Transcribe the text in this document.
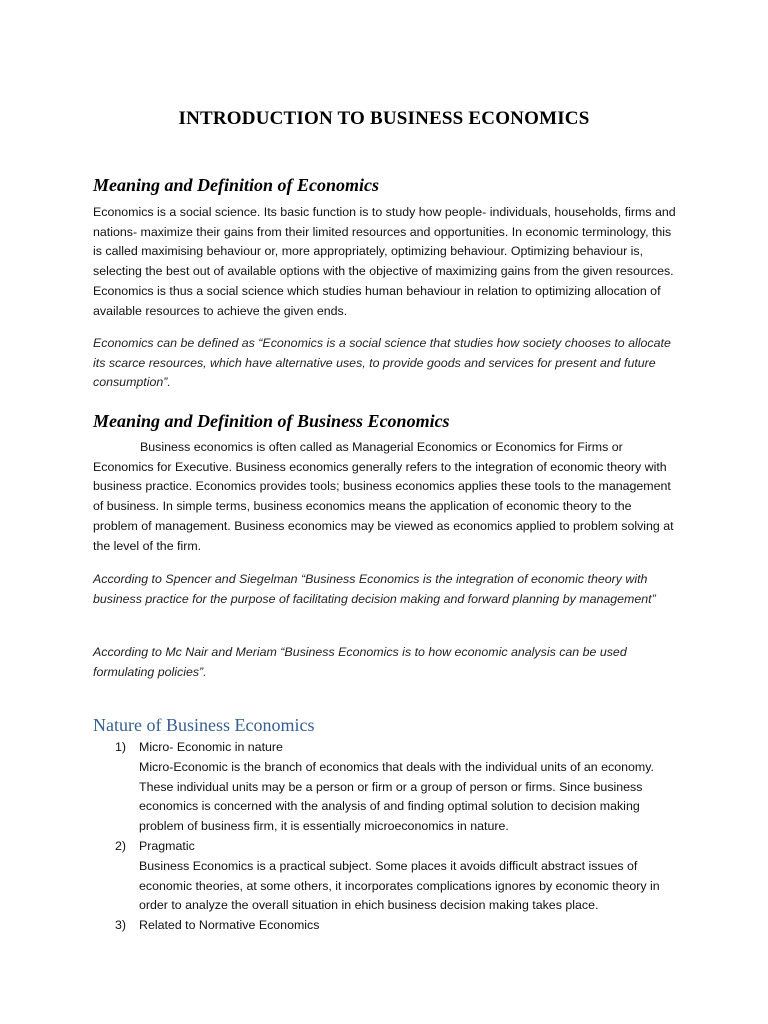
INTRODUCTION TO BUSINESS ECONOMICS
Meaning and Definition of Economics

Economics is a social science. Its basic function is to study how people- individuals, households, firms and nations- maximize their gains from their limited resources and opportunities. In economic terminology, this is called maximising behaviour or, more appropriately, optimizing behaviour. Optimizing behaviour is, selecting the best out of available options with the objective of maximizing gains from the given resources. Economics is thus a social science which studies human behaviour in relation to optimizing allocation of available resources to achieve the given ends.

Economics can be defined as “Economics is a social science that studies how society chooses to allocate its scarce resources, which have alternative uses, to provide goods and services for present and future consumption”.

Meaning and Definition of Business Economics

Business economics is often called as Managerial Economics or Economics for Firms or Economics for Executive. Business economics generally refers to the integration of economic theory with business practice. Economics provides tools; business economics applies these tools to the management of business. In simple terms, business economics means the application of economic theory to the problem of management. Business economics may be viewed as economics applied to problem solving at the level of the firm.

According to Spencer and Siegelman “Business Economics is the integration of economic theory with business practice for the purpose of facilitating decision making and forward planning by management”

According to Mc Nair and Meriam “Business Economics is to how economic analysis can be used formulating policies”.

Nature of Business Economics
1) Micro- Economic in nature
Micro-Economic is the branch of economics that deals with the individual units of an economy. These individual units may be a person or firm or a group of person or firms. Since business economics is concerned with the analysis of and finding optimal solution to decision making problem of business firm, it is essentially microeconomics in nature.
2) Pragmatic
Business Economics is a practical subject. Some places it avoids difficult abstract issues of economic theories, at some others, it incorporates complications ignores by economic theory in order to analyze the overall situation in ehich business decision making takes place.
3) Related to Normative Economics
